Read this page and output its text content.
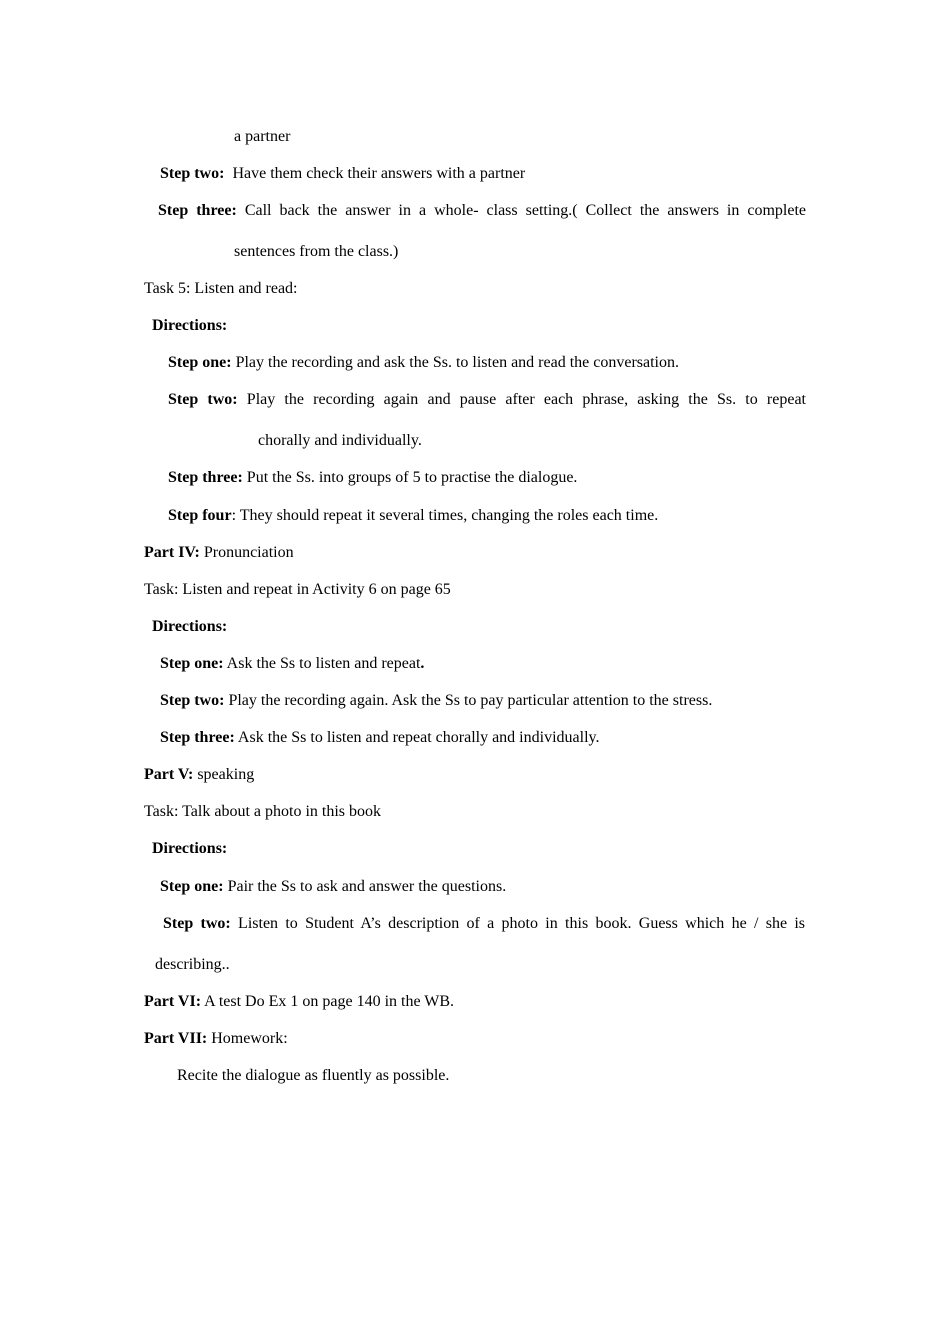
a partner
Step two:  Have them check their answers with a partner
Step three: Call back the answer in a whole- class setting.( Collect the answers in complete
sentences from the class.)
Task 5: Listen and read:
Directions:
Step one: Play the recording and ask the Ss. to listen and read the conversation.
Step two: Play the recording again and pause after each phrase, asking the Ss. to repeat
chorally and individually.
Step three: Put the Ss. into groups of 5 to practise the dialogue.
Step four: They should repeat it several times, changing the roles each time.
Part IV: Pronunciation
Task: Listen and repeat in Activity 6 on page 65
Directions:
Step one: Ask the Ss to listen and repeat.
Step two: Play the recording again. Ask the Ss to pay particular attention to the stress.
Step three: Ask the Ss to listen and repeat chorally and individually.
Part V: speaking
Task: Talk about a photo in this book
Directions:
Step one: Pair the Ss to ask and answer the questions.
Step two: Listen to Student A’s description of a photo in this book. Guess which he / she is
describing..
Part VI: A test Do Ex 1 on page 140 in the WB.
Part VII: Homework:
Recite the dialogue as fluently as possible.
